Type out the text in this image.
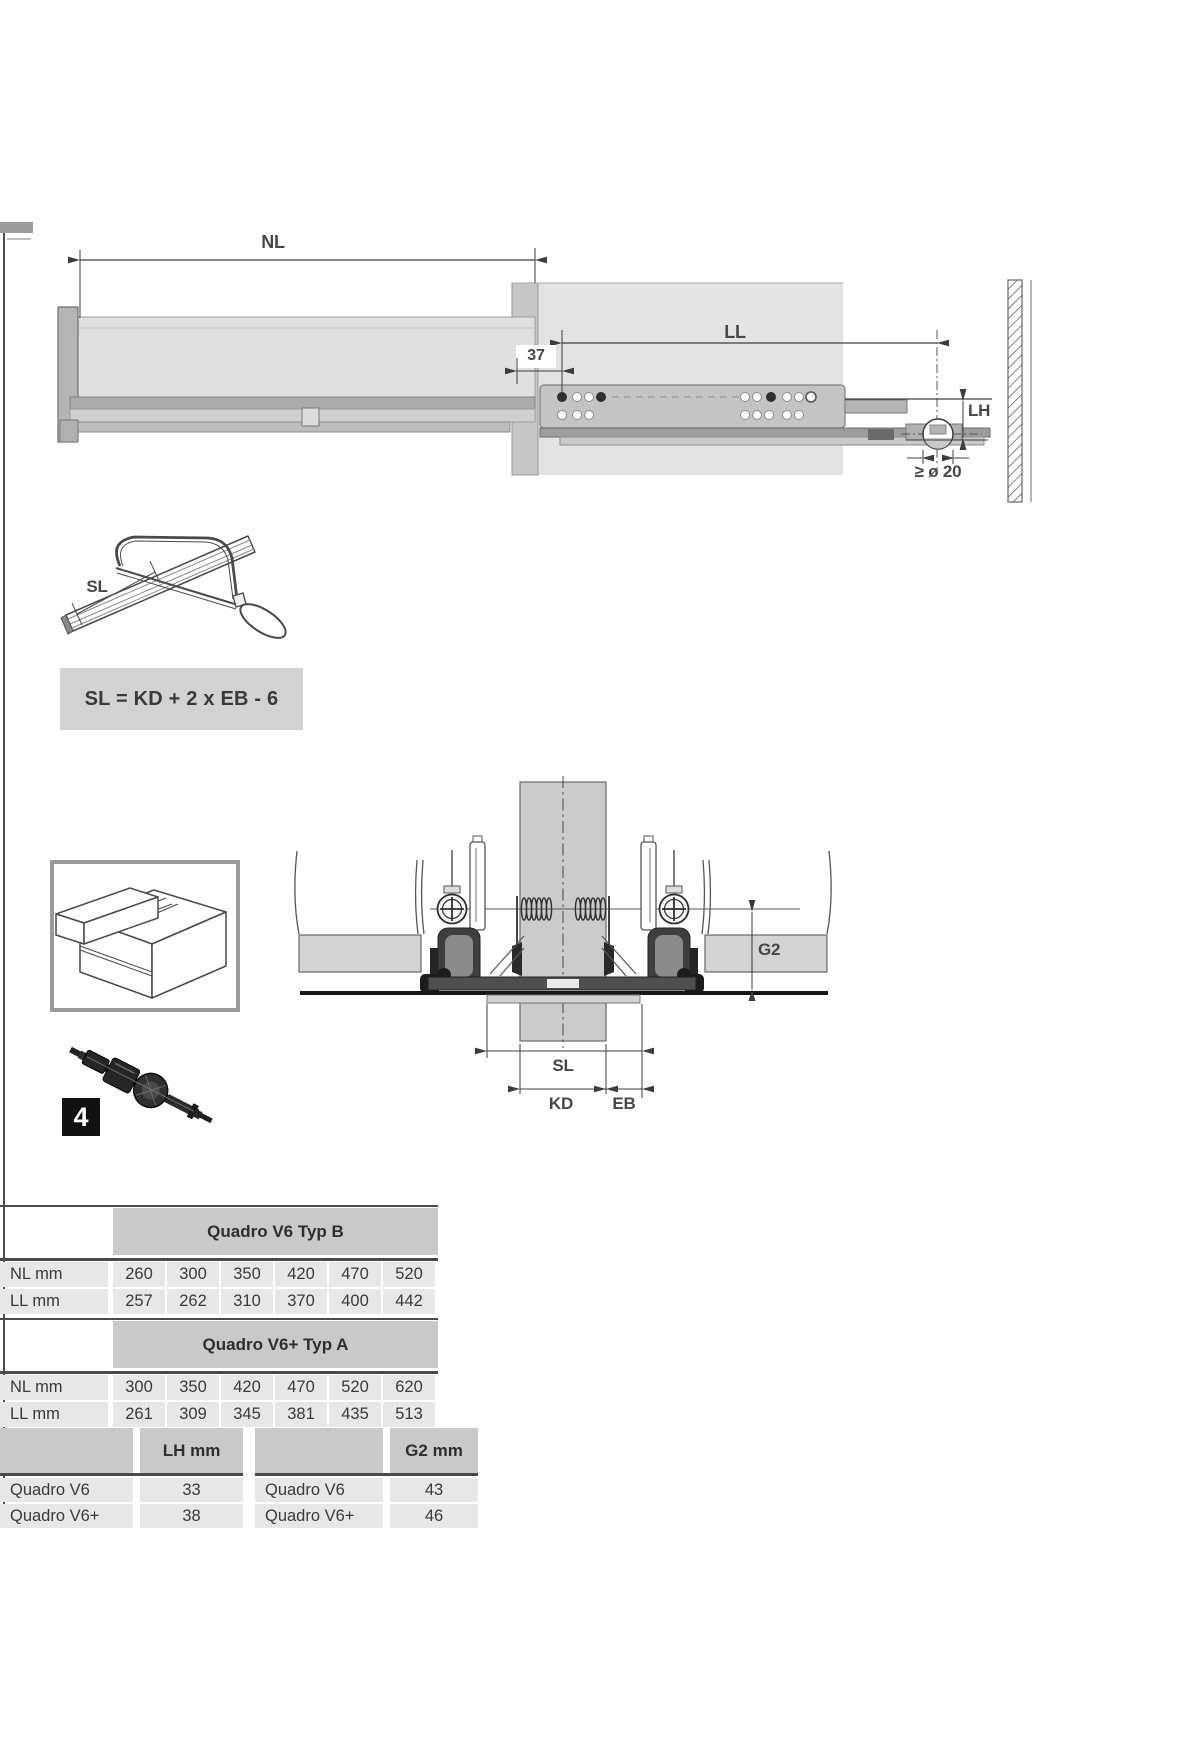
NL
LL
37
LH
≥ ø 20
SL
SL = KD + 2 x EB - 6
G2
SL
KD EB
4
Quadro V6 Typ B
NL mm	260	300	350	420	470	520
LL mm	257	262	310	370	400	442
Quadro V6+ Typ A
NL mm	300	350	420	470	520	620
LL mm	261	309	345	381	435	513
LH mm
Quadro V6	33
Quadro V6+	38
G2 mm
Quadro V6	43
Quadro V6+	46
